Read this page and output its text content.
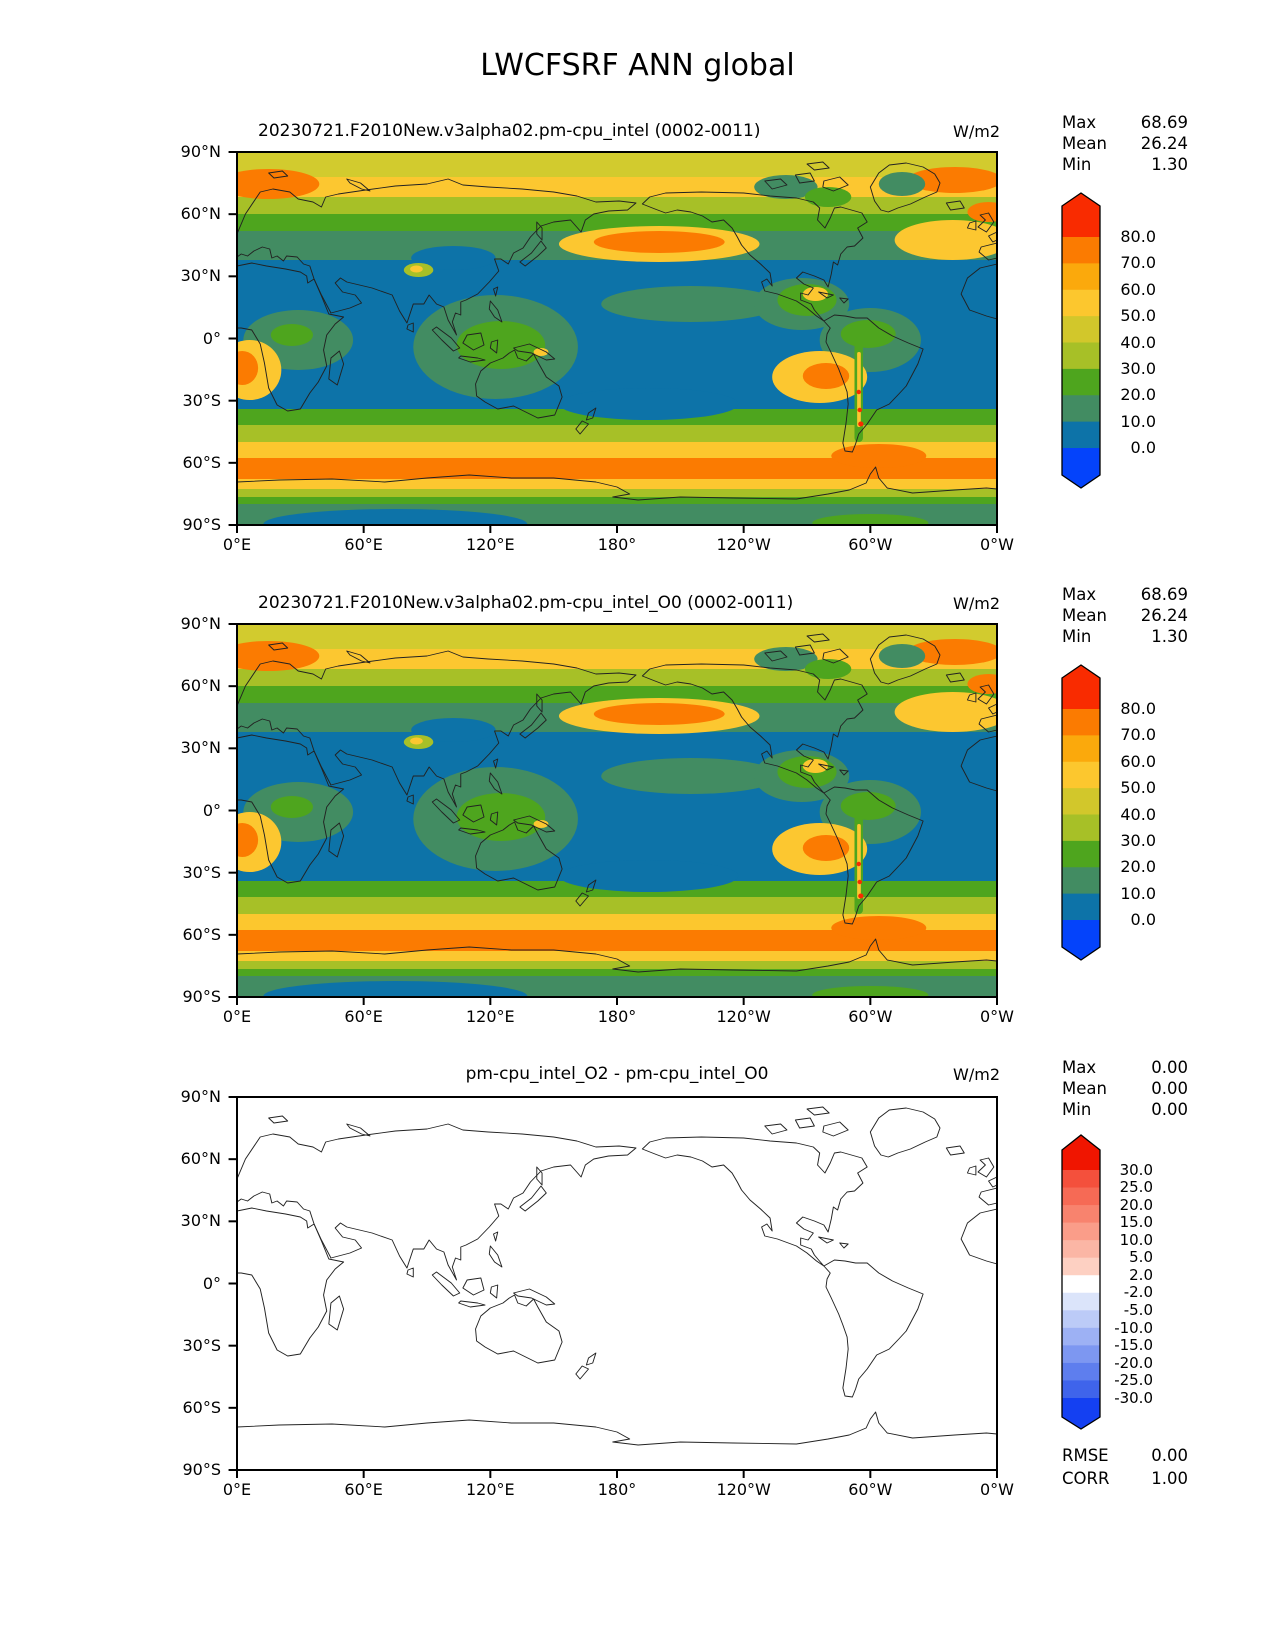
LWCFSRF ANN global
20230721.F2010New.v3alpha02.pm-cpu_intel (0002-0011)	W/m2
90°N
60°N
30°N
0°
30°S
60°S
90°S
0°E	60°E	120°E	180°	120°W	60°W	0°W
Max	68.69
Mean 26.24
Min	1.30
20230721.F2010New.v3alpha02.pm-cpu_intel_O0 (0002-0011)	W/m2
90°N
60°N
30°N
0°
30°S
60°S
90°S
0°E	60°E	120°E	180°	120°W	60°W	0°W
Max	68.69
Mean 26.24
Min	1.30
pm-cpu_intel_O2 - pm-cpu_intel_O0	W/m2
90°N
60°N
30°N
0°
30°S
60°S
90°S
0°E	60°E	120°E	180°	120°W	60°W	0°W
Max	0.00
Mean	0.00
Min	0.00
RMSE	0.00
CORR	1.00
80.0
70.0
60.0
50.0
40.0
30.0
20.0
10.0
0.0
80.0
70.0
60.0
50.0
40.0
30.0
20.0
10.0
0.0
30.0
25.0
20.0
15.0
10.0
5.0
2.0
-2.0
-5.0
-10.0
-15.0
-20.0
-25.0
-30.0
